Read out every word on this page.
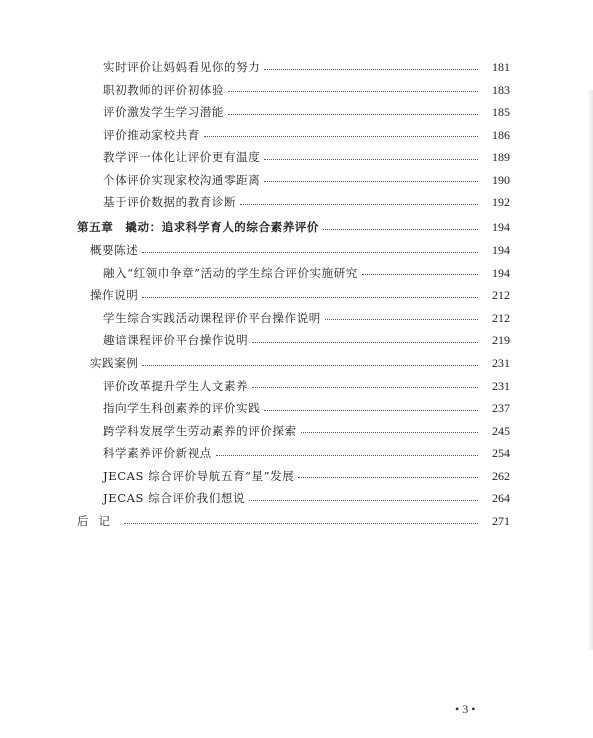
实时评价让妈妈看见你的努力	181
职初教师的评价初体验	183
评价激发学生学习潜能	185
评价推动家校共育	186
教学评一体化让评价更有温度	189
个体评价实现家校沟通零距离	190
基于评价数据的教育诊断	192
第五章　撬动：追求科学育人的综合素养评价	194
概要陈述	194
融入“红领巾争章”活动的学生综合评价实施研究	194
操作说明	212
学生综合实践活动课程评价平台操作说明	212
趣谙课程评价平台操作说明	219
实践案例	231
评价改革提升学生人文素养	231
指向学生科创素养的评价实践	237
跨学科发展学生劳动素养的评价探索	245
科学素养评价新视点	254
JECAS 综合评价导航五育“星”发展	262
JECAS 综合评价我们想说	264
后记	271
• 3 •
